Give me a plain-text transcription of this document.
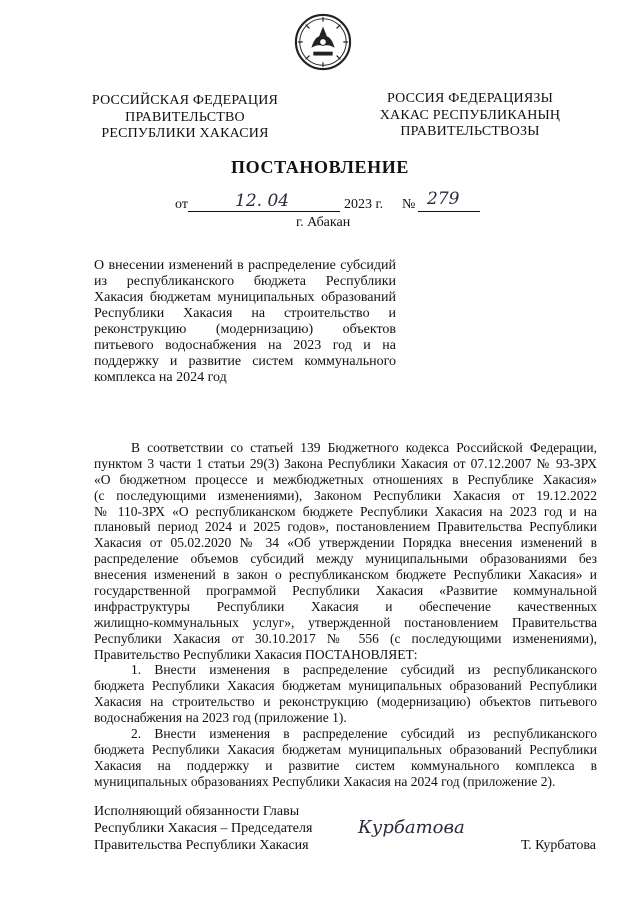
РОССИЙСКАЯ ФЕДЕРАЦИЯ
ПРАВИТЕЛЬСТВО
РЕСПУБЛИКИ ХАКАСИЯ
РОССИЯ ФЕДЕРАЦИЯЗЫ
ХАКАС РЕСПУБЛИКАНЫҢ
ПРАВИТЕЛЬСТВОЗЫ
ПОСТАНОВЛЕНИЕ
от	12. 04	2023 г. № 279
г. Абакан
О внесении изменений в распределение субсидий
из республиканского бюджета Республики
Хакасия бюджетам муниципальных образований
Республики Хакасия на строительство и
реконструкцию (модернизацию) объектов
питьевого водоснабжения на 2023 год и на
поддержку и развитие систем коммунального
комплекса на 2024 год
В соответствии со статьей 139 Бюджетного кодекса Российской Федерации,
пунктом 3 части 1 статьи 29(3) Закона Республики Хакасия от 07.12.2007 № 93-ЗРХ
«О бюджетном процессе и межбюджетных отношениях в Республике Хакасия»
(с последующими изменениями), Законом Республики Хакасия от 19.12.2022
№ 110-ЗРХ «О республиканском бюджете Республики Хакасия на 2023 год и на
плановый период 2024 и 2025 годов», постановлением Правительства Республики
Хакасия от 05.02.2020 № 34 «Об утверждении Порядка внесения изменений в
распределение объемов субсидий между муниципальными образованиями без
внесения изменений в закон о республиканском бюджете Республики Хакасия» и
государственной программой Республики Хакасия «Развитие коммунальной
инфраструктуры Республики Хакасия и обеспечение качественных
жилищно-коммунальных услуг», утвержденной постановлением Правительства
Республики Хакасия от 30.10.2017 № 556 (с последующими изменениями),
Правительство Республики Хакасия ПОСТАНОВЛЯЕТ:
1. Внести изменения в распределение субсидий из республиканского
бюджета Республики Хакасия бюджетам муниципальных образований Республики
Хакасия на строительство и реконструкцию (модернизацию) объектов питьевого
водоснабжения на 2023 год (приложение 1).
2. Внести изменения в распределение субсидий из республиканского
бюджета Республики Хакасия бюджетам муниципальных образований Республики
Хакасия на поддержку и развитие систем коммунального комплекса в
муниципальных образованиях Республики Хакасия на 2024 год (приложение 2).
Исполняющий обязанности Главы
Республики Хакасия – Председателя
Правительства Республики Хакасия
Курбатова
Т. Курбатова
